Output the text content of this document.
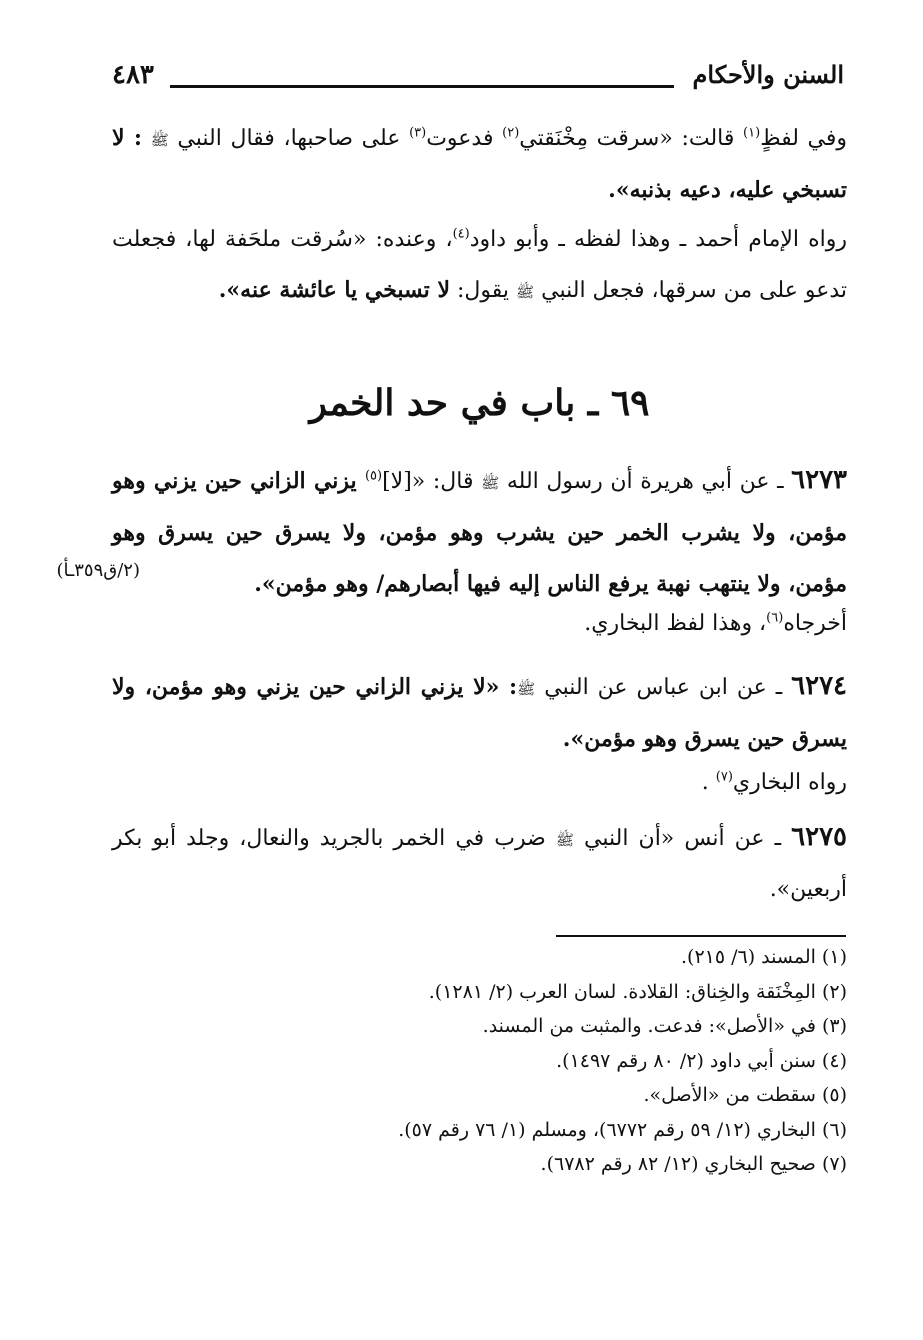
السنن والأحكام
٤٨٣
وفي لفظٍ$^{(١)}$ قالت: «سرقت مِخْنَقتي$^{(٢)}$ فدعوت$^{(٣)}$ على صاحبها، فقال النبي ﷺ : لا تسبخي عليه، دعيه بذنبه».
رواه الإمام أحمد ـ وهذا لفظه ـ وأبو داود$^{(٤)}$، وعنده: «سُرقت ملحَفة لها، فجعلت تدعو على من سرقها، فجعل النبي ﷺ يقول: لا تسبخي يا عائشة عنه».
٦٩ ـ باب في حد الخمر
٦٢٧٣ ـ عن أبي هريرة أن رسول الله ﷺ قال: «[لا]$^{(٥)}$ يزني الزاني حين يزني وهو مؤمن، ولا يشرب الخمر حين يشرب وهو مؤمن، ولا يسرق حين يسرق وهو مؤمن، ولا ينتهب نهبة يرفع الناس إليه فيها أبصارهم/ وهو مؤمن».
(٢/ق٣٥٩ـأ)
أخرجاه$^{(٦)}$، وهذا لفظ البخاري.
٦٢٧٤ ـ عن ابن عباس عن النبي ﷺ: «لا يزني الزاني حين يزني وهو مؤمن، ولا يسرق حين يسرق وهو مؤمن».
رواه البخاري$^{(٧)}$ .
٦٢٧٥ ـ عن أنس «أن النبي ﷺ ضرب في الخمر بالجريد والنعال، وجلد أبو بكر أربعين».
(١) المسند (٦/ ٢١٥).
(٢) المِخْنَقة والخِناق: القلادة. لسان العرب (٢/ ١٢٨١).
(٣) في «الأصل»: فدعت. والمثبت من المسند.
(٤) سنن أبي داود (٢/ ٨٠ رقم ١٤٩٧).
(٥) سقطت من «الأصل».
(٦) البخاري (١٢/ ٥٩ رقم ٦٧٧٢)، ومسلم (١/ ٧٦ رقم ٥٧).
(٧) صحيح البخاري (١٢/ ٨٢ رقم ٦٧٨٢).
